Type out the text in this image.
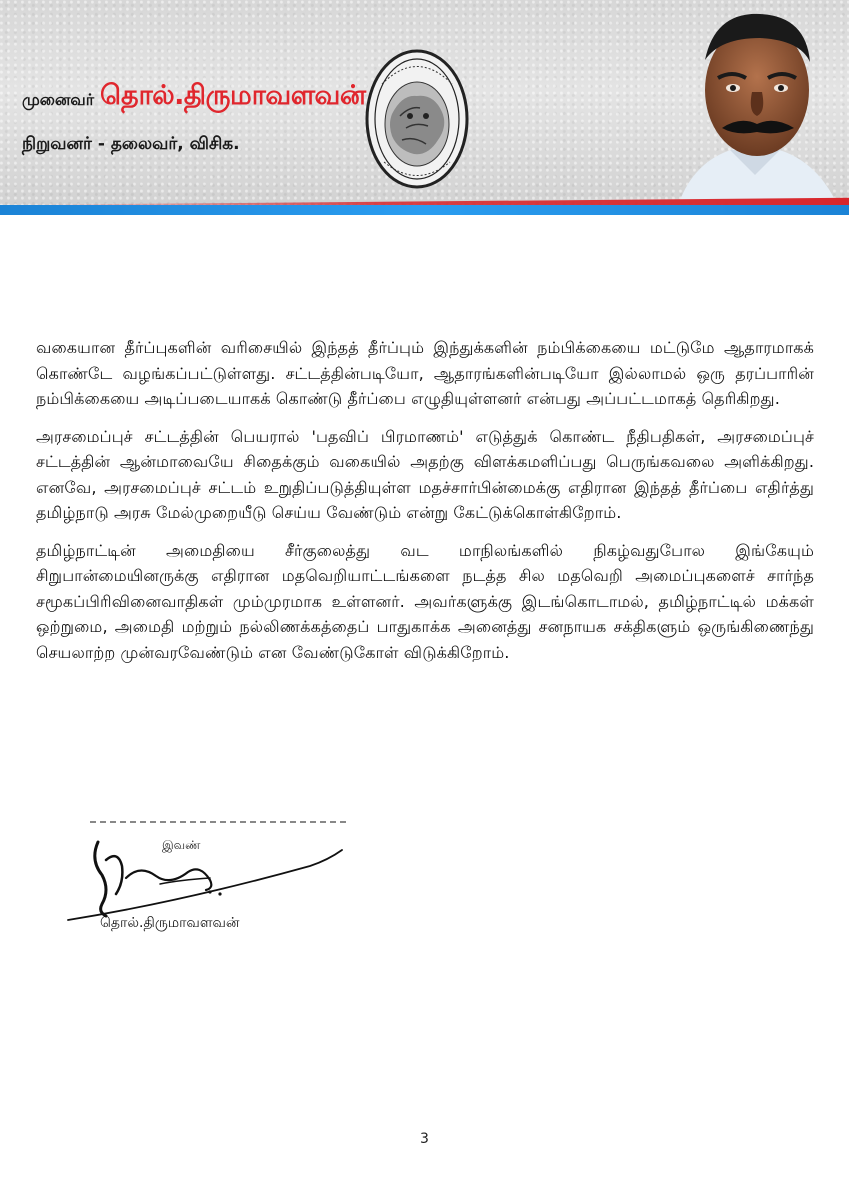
முனைவர் தொல்.திருமாவளவன்
நிறுவனர் - தலைவர், விசிக.

வகையான தீர்ப்புகளின் வரிசையில் இந்தத் தீர்ப்பும் இந்துக்களின் நம்பிக்கையை மட்டுமே ஆதாரமாகக் கொண்டே வழங்கப்பட்டுள்ளது. சட்டத்தின்படியோ, ஆதாரங்களின்படியோ இல்லாமல் ஒரு தரப்பாரின் நம்பிக்கையை அடிப்படையாகக் கொண்டு தீர்ப்பை எழுதியுள்ளனர் என்பது அப்பட்டமாகத் தெரிகிறது.

அரசமைப்புச் சட்டத்தின் பெயரால் 'பதவிப் பிரமாணம்' எடுத்துக் கொண்ட நீதிபதிகள், அரசமைப்புச் சட்டத்தின் ஆன்மாவையே சிதைக்கும் வகையில் அதற்கு விளக்கமளிப்பது பெருங்கவலை அளிக்கிறது. எனவே, அரசமைப்புச் சட்டம் உறுதிப்படுத்தியுள்ள மதச்சார்பின்மைக்கு எதிரான இந்தத் தீர்ப்பை எதிர்த்து தமிழ்நாடு அரசு மேல்முறையீடு செய்ய வேண்டும் என்று கேட்டுக்கொள்கிறோம்.

தமிழ்நாட்டின் அமைதியை சீர்குலைத்து வட மாநிலங்களில் நிகழ்வதுபோல இங்கேயும் சிறுபான்மையினருக்கு எதிரான மதவெறியாட்டங்களை நடத்த சில மதவெறி அமைப்புகளைச் சார்ந்த சமூகப்பிரிவினைவாதிகள் மும்முரமாக உள்ளனர். அவர்களுக்கு இடங்கொடாமல், தமிழ்நாட்டில் மக்கள் ஒற்றுமை, அமைதி மற்றும் நல்லிணக்கத்தைப் பாதுகாக்க அனைத்து சனநாயக சக்திகளும் ஒருங்கிணைந்து செயலாற்ற முன்வரவேண்டும் என வேண்டுகோள் விடுக்கிறோம்.

இவண்
தொல்.திருமாவளவன்
3
